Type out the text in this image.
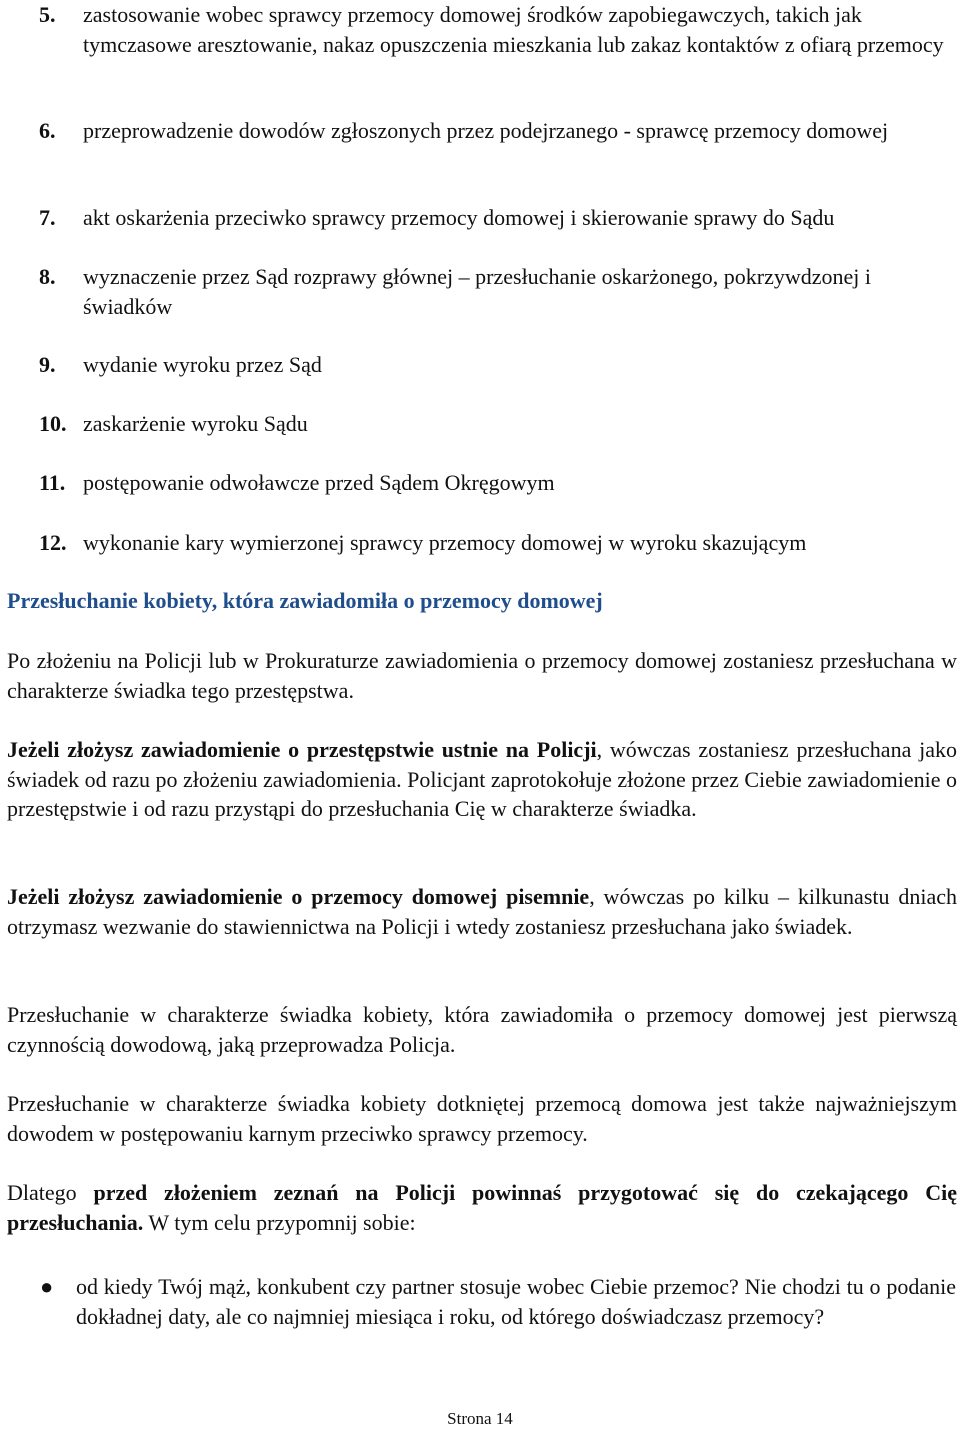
5.	zastosowanie wobec sprawcy przemocy domowej środków zapobiegawczych, takich jak tymczasowe aresztowanie, nakaz opuszczenia mieszkania lub zakaz kontaktów z ofiarą przemocy
6.	przeprowadzenie dowodów zgłoszonych przez podejrzanego - sprawcę przemocy domowej
7.	akt oskarżenia przeciwko sprawcy przemocy domowej i skierowanie sprawy do Sądu
8.	wyznaczenie przez Sąd rozprawy głównej – przesłuchanie oskarżonego, pokrzywdzonej i świadków
9.	wydanie wyroku przez Sąd
10. zaskarżenie wyroku Sądu
11. postępowanie odwoławcze przed Sądem Okręgowym
12. wykonanie kary wymierzonej sprawcy przemocy domowej w wyroku skazującym
Przesłuchanie kobiety, która zawiadomiła o przemocy domowej
Po złożeniu na Policji lub w Prokuraturze zawiadomienia o przemocy domowej zostaniesz przesłuchana w charakterze świadka tego przestępstwa.
Jeżeli złożysz zawiadomienie o przestępstwie ustnie na Policji, wówczas zostaniesz przesłuchana jako świadek od razu po złożeniu zawiadomienia. Policjant zaprotokołuje złożone przez Ciebie zawiadomienie o przestępstwie i od razu przystąpi do przesłuchania Cię w charakterze świadka.
Jeżeli złożysz zawiadomienie o przemocy domowej pisemnie, wówczas po kilku – kilkunastu dniach otrzymasz wezwanie do stawiennictwa na Policji i wtedy zostaniesz przesłuchana jako świadek.
Przesłuchanie w charakterze świadka kobiety, która zawiadomiła o przemocy domowej jest pierwszą czynnością dowodową, jaką przeprowadza Policja.
Przesłuchanie w charakterze świadka kobiety dotkniętej przemocą domowa jest także najważniejszym dowodem w postępowaniu karnym przeciwko sprawcy przemocy.
Dlatego przed złożeniem zeznań na Policji powinnaś przygotować się do czekającego Cię przesłuchania. W tym celu przypomnij sobie:
● od kiedy Twój mąż, konkubent czy partner stosuje wobec Ciebie przemoc? Nie chodzi tu o podanie dokładnej daty, ale co najmniej miesiąca i roku, od którego doświadczasz przemocy?
Strona 14
